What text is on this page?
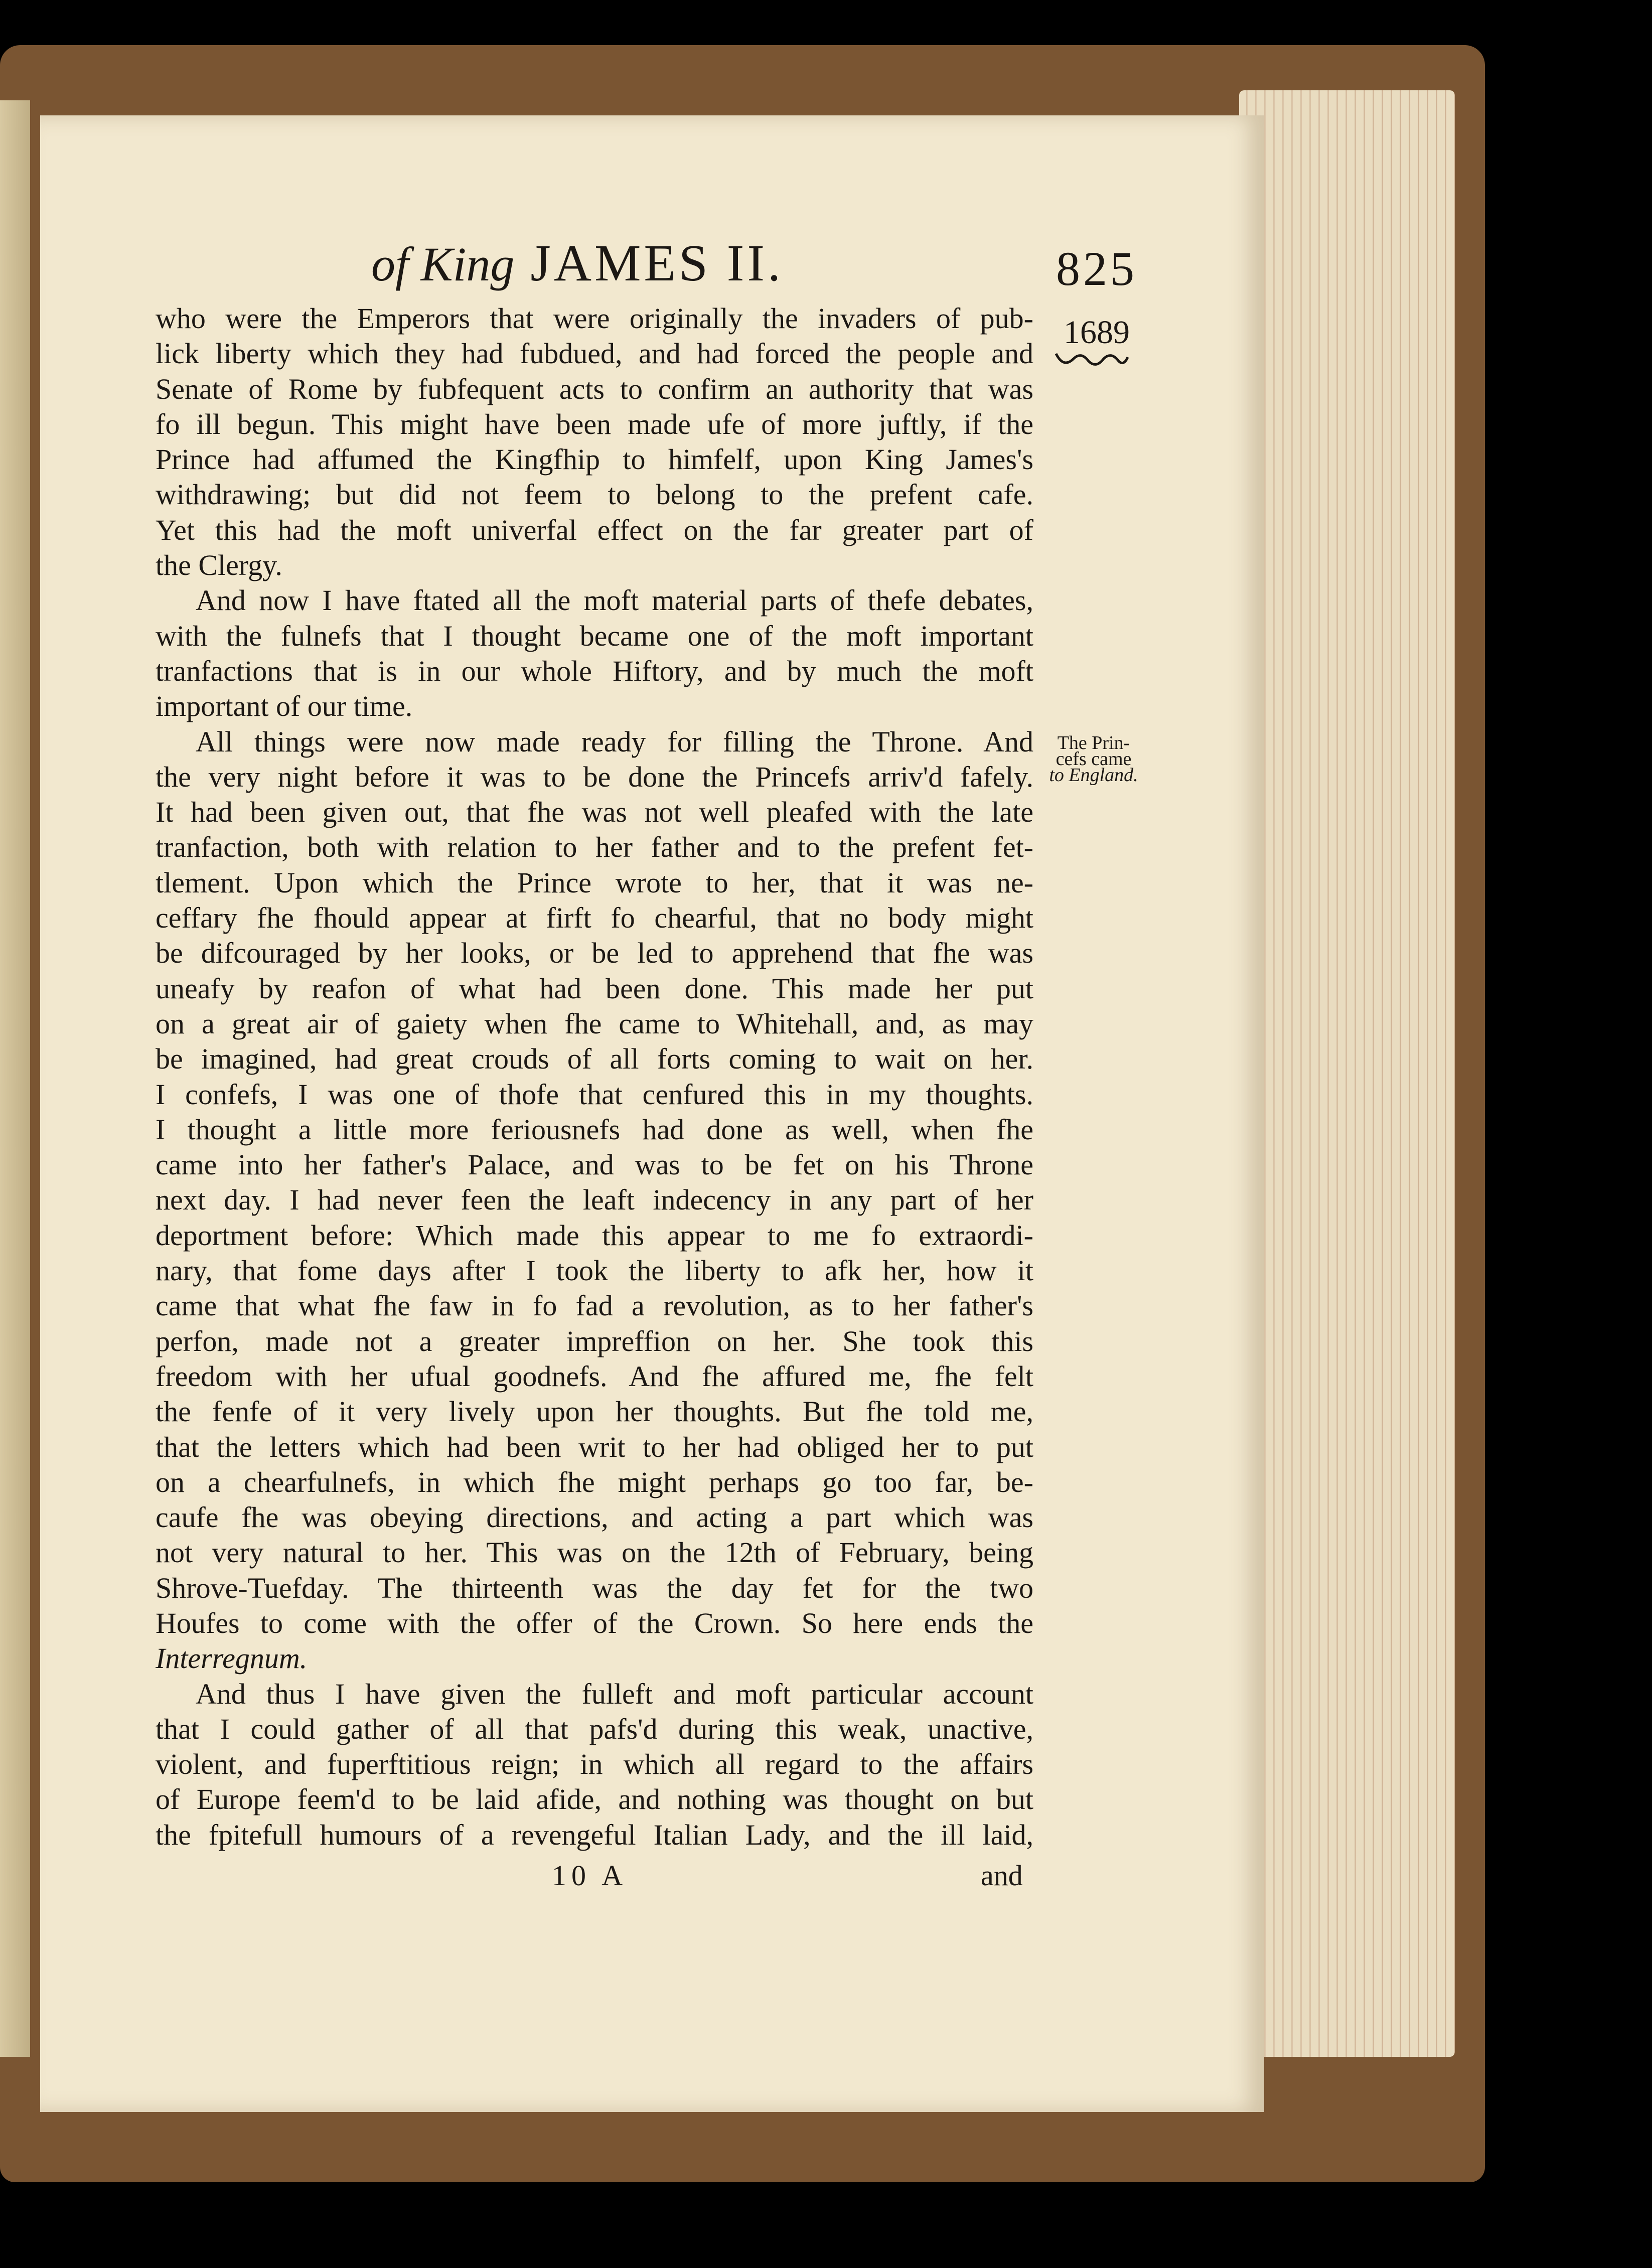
of King JAMES II.	825
1689
The Prin-
cefs came
to England.
who were the Emperors that were originally the invaders of pub-
lick liberty which they had fubdued, and had forced the people and
Senate of Rome by fubfequent acts to confirm an authority that was
fo ill begun. This might have been made ufe of more juftly, if the
Prince had affumed the Kingfhip to himfelf, upon King James's
withdrawing; but did not feem to belong to the prefent cafe.
Yet this had the moft univerfal effect on the far greater part of
the Clergy.
And now I have ftated all the moft material parts of thefe debates,
with the fulnefs that I thought became one of the moft important
tranfactions that is in our whole Hiftory, and by much the moft
important of our time.
All things were now made ready for filling the Throne. And
the very night before it was to be done the Princefs arriv'd fafely.
It had been given out, that fhe was not well pleafed with the late
tranfaction, both with relation to her father and to the prefent fet-
tlement. Upon which the Prince wrote to her, that it was ne-
ceffary fhe fhould appear at firft fo chearful, that no body might
be difcouraged by her looks, or be led to apprehend that fhe was
uneafy by reafon of what had been done. This made her put
on a great air of gaiety when fhe came to Whitehall, and, as may
be imagined, had great crouds of all forts coming to wait on her.
I confefs, I was one of thofe that cenfured this in my thoughts.
I thought a little more feriousnefs had done as well, when fhe
came into her father's Palace, and was to be fet on his Throne
next day. I had never feen the leaft indecency in any part of her
deportment before: Which made this appear to me fo extraordi-
nary, that fome days after I took the liberty to afk her, how it
came that what fhe faw in fo fad a revolution, as to her father's
perfon, made not a greater impreffion on her. She took this
freedom with her ufual goodnefs. And fhe affured me, fhe felt
the fenfe of it very lively upon her thoughts. But fhe told me,
that the letters which had been writ to her had obliged her to put
on a chearfulnefs, in which fhe might perhaps go too far, be-
caufe fhe was obeying directions, and acting a part which was
not very natural to her. This was on the 12th of February, being
Shrove-Tuefday. The thirteenth was the day fet for the two
Houfes to come with the offer of the Crown. So here ends the
Interregnum.
And thus I have given the fulleft and moft particular account
that I could gather of all that pafs'd during this weak, unactive,
violent, and fuperftitious reign; in which all regard to the affairs
of Europe feem'd to be laid afide, and nothing was thought on but
the fpitefull humours of a revengeful Italian Lady, and the ill laid,
10 A	and
